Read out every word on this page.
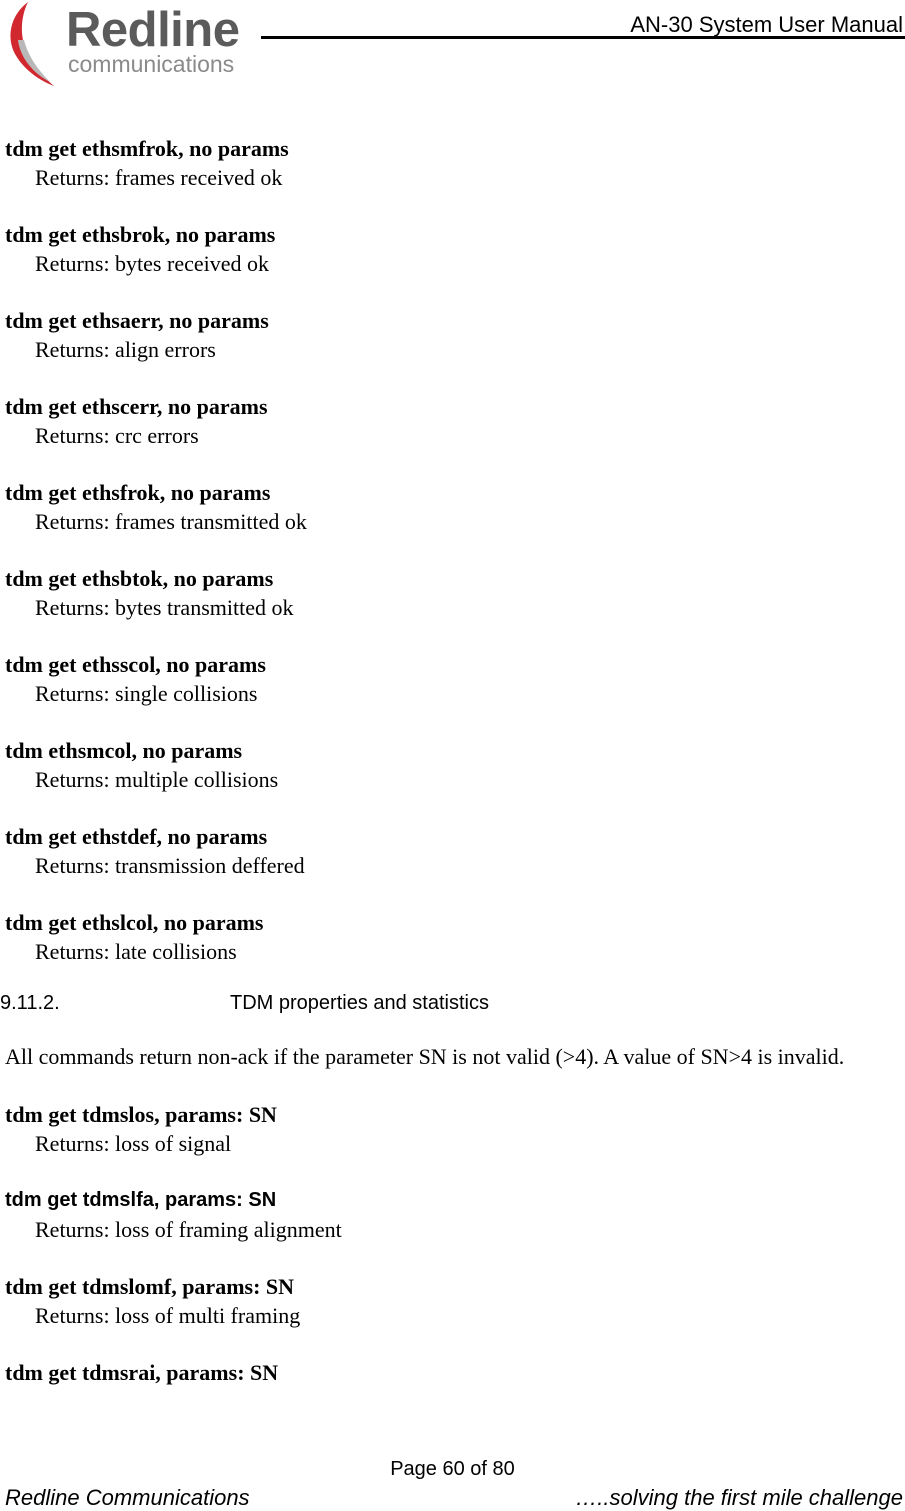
Redline
communications
AN-30 System User Manual
tdm get ethsmfrok, no params
Returns: frames received ok
tdm get ethsbrok, no params
Returns: bytes received ok
tdm get ethsaerr, no params
Returns: align errors
tdm get ethscerr, no params
Returns: crc errors
tdm get ethsfrok, no params
Returns: frames transmitted ok
tdm get ethsbtok, no params
Returns: bytes transmitted ok
tdm get ethsscol, no params
Returns: single collisions
tdm ethsmcol, no params
Returns: multiple collisions
tdm get ethstdef, no params
Returns: transmission deffered
tdm get ethslcol, no params
Returns: late collisions
9.11.2.	TDM properties and statistics
All commands return non-ack if the parameter SN is not valid (>4). A value of SN>4 is invalid.
tdm get tdmslos, params: SN
Returns: loss of signal
tdm get tdmslfa, params: SN
Returns: loss of framing alignment
tdm get tdmslomf, params: SN
Returns: loss of multi framing
tdm get tdmsrai, params: SN
Page 60 of 80
Redline Communications	…..solving the first mile challenge
